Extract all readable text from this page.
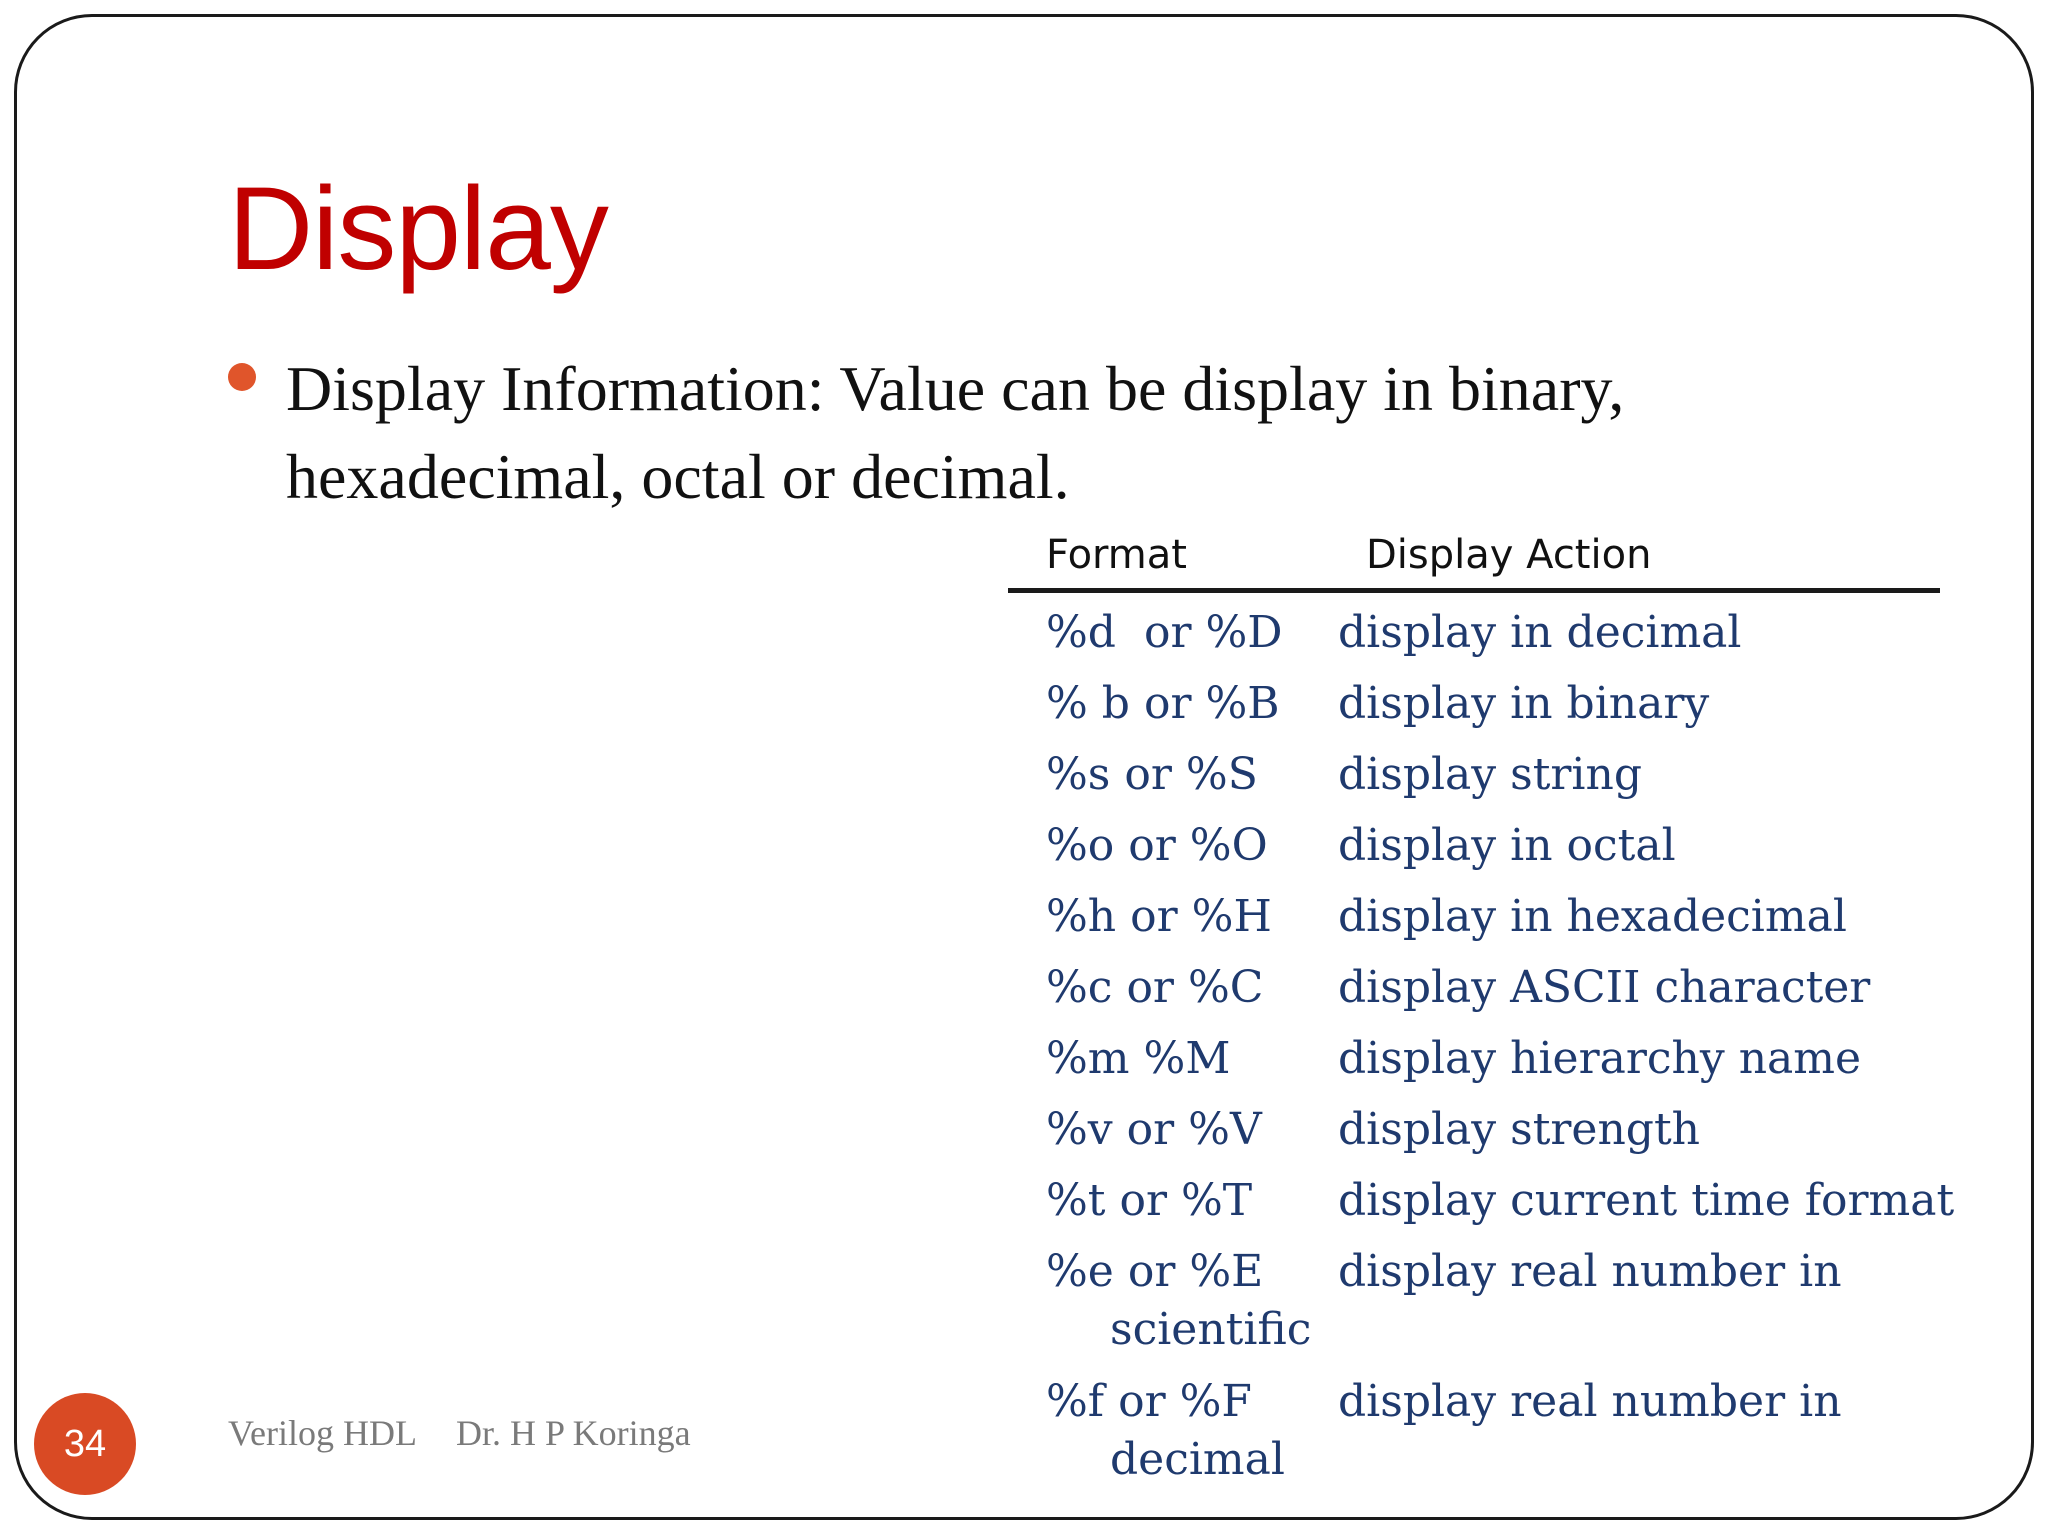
Display
Display Information: Value can be display in binary, hexadecimal, octal or decimal.
Format	Display Action
%d  or %D display in decimal
% b or %B display in binary
%s or %S display string
%o or %O display in octal
%h or %H display in hexadecimal
%c or %C display ASCII character
%m %M display hierarchy name
%v or %V display strength
%t or %T display current time format
%e or %E display real number in
scientific
%f or %F display real number in
decimal
34	Verilog HDL Dr. H P Koringa
